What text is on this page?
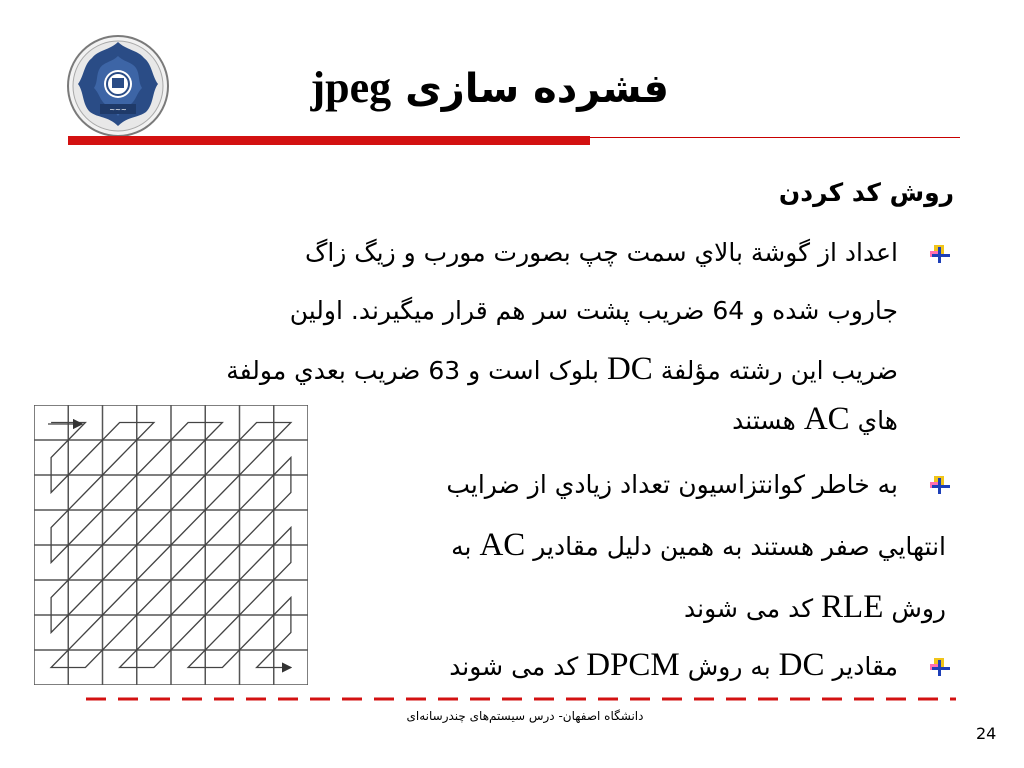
~~~	فشرده سازی jpeg
روش کد کردن
اعداد از گوشة بالاي سمت چپ بصورت مورب و زيگ زاگ
جاروب شده و 64 ضريب پشت سر هم قرار میگيرند. اولين
ضريب اين رشته مؤلفة DC بلوک است و 63 ضريب بعدي مولفة
هاي AC هستند
به خاطر كوانتزاسيون تعداد زيادي از ضرايب
انتهايي صفر هستند به همين دليل مقادير AC به
روش RLE کد می شوند
مقادير DC به روش DPCM کد می شوند
دانشگاه اصفهان- درس سیستم‌های چندرسانه‌ای
24
